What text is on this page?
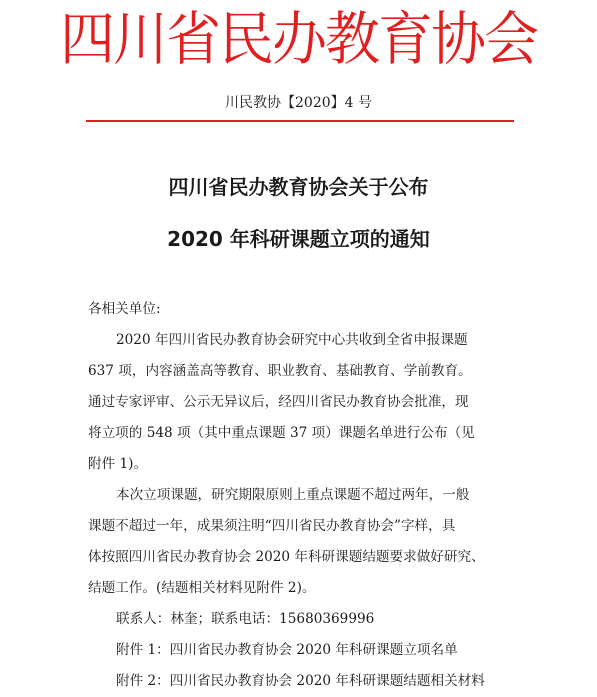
四川省民办教育协会
川民教协【2020】4 号
四川省民办教育协会关于公布
2020 年科研课题立项的通知
各相关单位:
2020 年四川省民办教育协会研究中心共收到全省申报课题
637 项，内容涵盖高等教育、职业教育、基础教育、学前教育。
通过专家评审、公示无异议后，经四川省民办教育协会批准，现
将立项的 548 项（其中重点课题 37 项）课题名单进行公布（见
附件 1)。
本次立项课题，研究期限原则上重点课题不超过两年，一般
课题不超过一年，成果须注明“四川省民办教育协会”字样，具
体按照四川省民办教育协会 2020 年科研课题结题要求做好研究、
结题工作。(结题相关材料见附件 2)。
联系人：林奎；联系电话：15680369996
附件 1：四川省民办教育协会 2020 年科研课题立项名单
附件 2：四川省民办教育协会 2020 年科研课题结题相关材料
